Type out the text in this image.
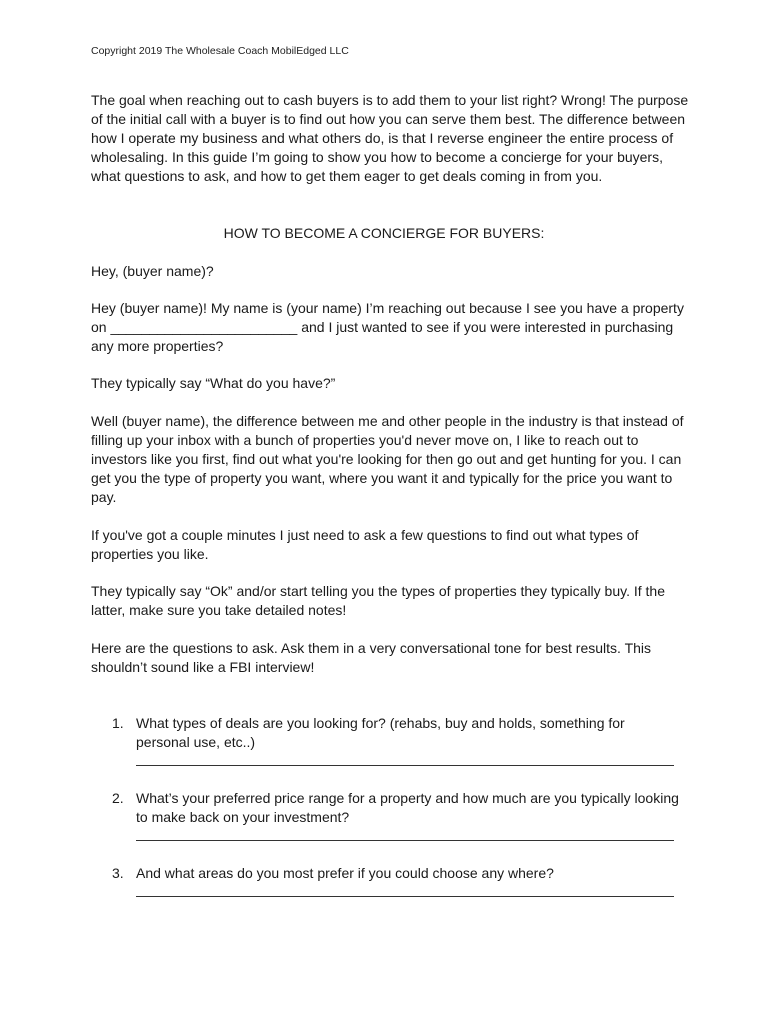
Copyright 2019 The Wholesale Coach MobilEdged LLC

The goal when reaching out to cash buyers is to add them to your list right? Wrong! The purpose of the initial call with a buyer is to find out how you can serve them best. The difference between how I operate my business and what others do, is that I reverse engineer the entire process of wholesaling. In this guide I’m going to show you how to become a concierge for your buyers, what questions to ask, and how to get them eager to get deals coming in from you.

HOW TO BECOME A CONCIERGE FOR BUYERS:

Hey, (buyer name)?

Hey (buyer name)! My name is (your name) I’m reaching out because I see you have a property on ________________________ and I just wanted to see if you were interested in purchasing any more properties?

They typically say “What do you have?”

Well (buyer name), the difference between me and other people in the industry is that instead of filling up your inbox with a bunch of properties you'd never move on, I like to reach out to investors like you first, find out what you're looking for then go out and get hunting for you. I can get you the type of property you want, where you want it and typically for the price you want to pay.

If you've got a couple minutes I just need to ask a few questions to find out what types of properties you like.

They typically say “Ok” and/or start telling you the types of properties they typically buy. If the latter, make sure you take detailed notes!

Here are the questions to ask. Ask them in a very conversational tone for best results. This shouldn’t sound like a FBI interview!

1. What types of deals are you looking for? (rehabs, buy and holds, something for personal use, etc..)
2. What’s your preferred price range for a property and how much are you typically looking to make back on your investment?
3. And what areas do you most prefer if you could choose any where?
